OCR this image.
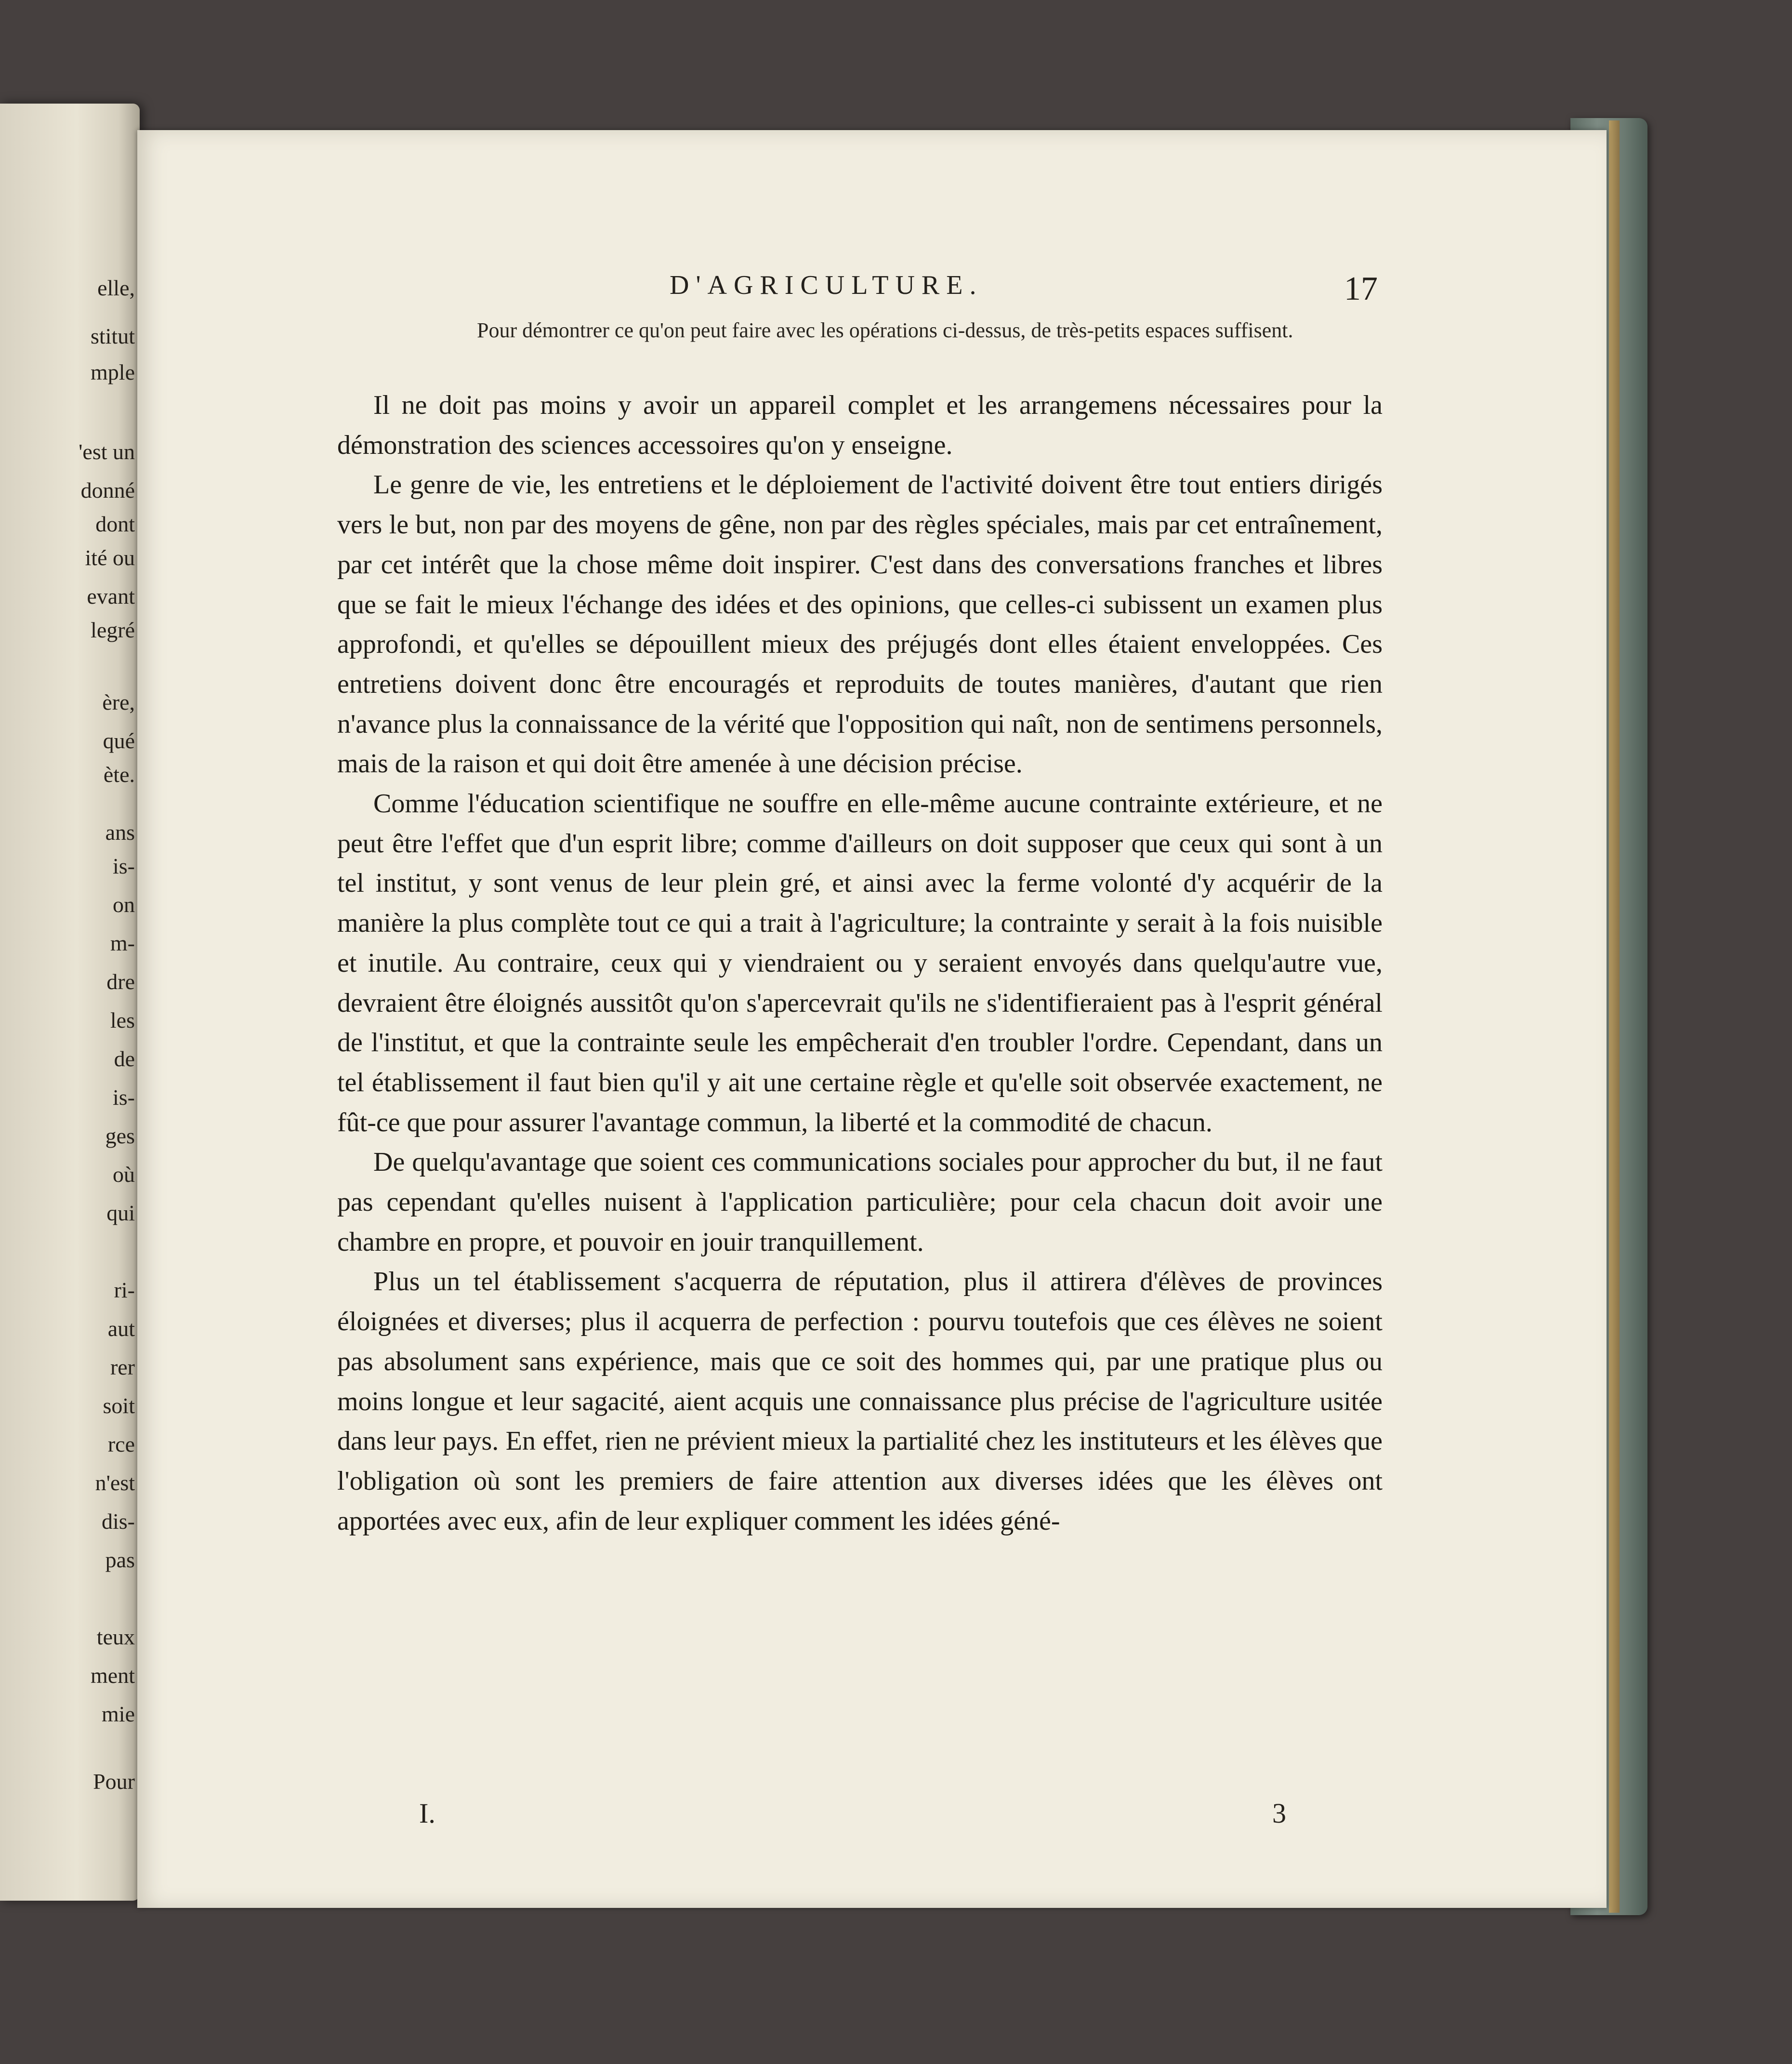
elle,
stitut
mple
'est un
donné
dont
ité ou
evant
legré
ère,
qué
ète.
ans
is-
on
m-
dre
les
de
is-
ges
où
qui
ri-
aut
rer
soit
rce
n'est
dis-
pas
teux
ment
mie
Pour
D'AGRICULTURE.	17
Pour démontrer ce qu'on peut faire avec les opérations ci-dessus, de très-petits espaces suffisent.

Il ne doit pas moins y avoir un appareil complet et les arrangemens nécessaires pour la démonstration des sciences accessoires qu'on y enseigne.

Le genre de vie, les entretiens et le déploiement de l'activité doivent être tout entiers dirigés vers le but, non par des moyens de gêne, non par des règles spéciales, mais par cet entraînement, par cet intérêt que la chose même doit inspirer. C'est dans des conversations franches et libres que se fait le mieux l'échange des idées et des opinions, que celles-ci subissent un examen plus approfondi, et qu'elles se dépouillent mieux des préjugés dont elles étaient enveloppées. Ces entretiens doivent donc être encouragés et reproduits de toutes manières, d'autant que rien n'avance plus la connaissance de la vérité que l'opposition qui naît, non de sentimens personnels, mais de la raison et qui doit être amenée à une décision précise.

Comme l'éducation scientifique ne souffre en elle-même aucune contrainte extérieure, et ne peut être l'effet que d'un esprit libre; comme d'ailleurs on doit supposer que ceux qui sont à un tel institut, y sont venus de leur plein gré, et ainsi avec la ferme volonté d'y acquérir de la manière la plus complète tout ce qui a trait à l'agriculture; la contrainte y serait à la fois nuisible et inutile. Au contraire, ceux qui y viendraient ou y seraient envoyés dans quelqu'autre vue, devraient être éloignés aussitôt qu'on s'apercevrait qu'ils ne s'identifieraient pas à l'esprit général de l'institut, et que la contrainte seule les empêcherait d'en troubler l'ordre. Cependant, dans un tel établissement il faut bien qu'il y ait une certaine règle et qu'elle soit observée exactement, ne fût-ce que pour assurer l'avantage commun, la liberté et la commodité de chacun.

De quelqu'avantage que soient ces communications sociales pour approcher du but, il ne faut pas cependant qu'elles nuisent à l'application particulière; pour cela chacun doit avoir une chambre en propre, et pouvoir en jouir tranquillement.

Plus un tel établissement s'acquerra de réputation, plus il attirera d'élèves de provinces éloignées et diverses; plus il acquerra de perfection : pourvu toutefois que ces élèves ne soient pas absolument sans expérience, mais que ce soit des hommes qui, par une pratique plus ou moins longue et leur sagacité, aient acquis une connaissance plus précise de l'agriculture usitée dans leur pays. En effet, rien ne prévient mieux la partialité chez les instituteurs et les élèves que l'obligation où sont les premiers de faire attention aux diverses idées que les élèves ont apportées avec eux, afin de leur expliquer comment les idées géné-

I.	3
